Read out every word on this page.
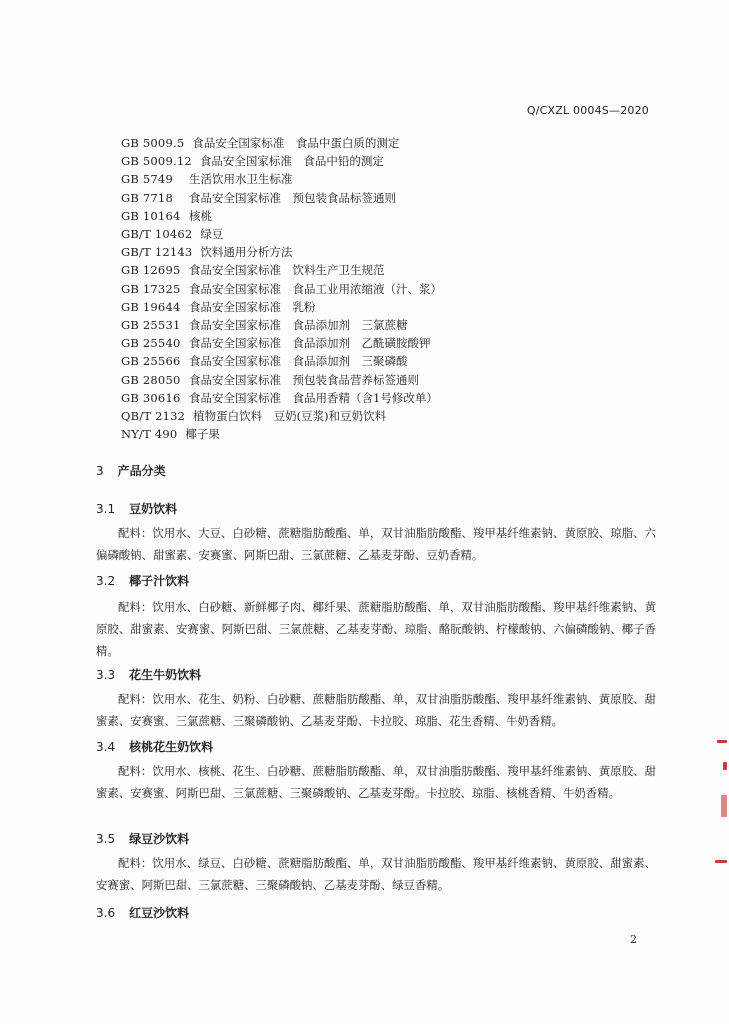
Q/CXZL 0004S—2020
GB 5009.5 食品安全国家标准　食品中蛋白质的测定
GB 5009.12 食品安全国家标准　食品中铅的测定
GB 5749	生活饮用水卫生标准
GB 7718	食品安全国家标准　预包装食品标签通则
GB 10164 核桃
GB/T 10462 绿豆
GB/T 12143 饮料通用分析方法
GB 12695 食品安全国家标准　饮料生产卫生规范
GB 17325 食品安全国家标准　食品工业用浓缩液（汁、浆）
GB 19644 食品安全国家标准　乳粉
GB 25531 食品安全国家标准　食品添加剂　三氯蔗糖
GB 25540 食品安全国家标准　食品添加剂　乙酰磺胺酸钾
GB 25566 食品安全国家标准　食品添加剂　三聚磷酸
GB 28050 食品安全国家标准　预包装食品营养标签通则
GB 30616 食品安全国家标准　食品用香精（含1号修改单）
QB/T 2132 植物蛋白饮料　豆奶(豆浆)和豆奶饮料
NY/T 490 椰子果
3 产品分类
3.1 豆奶饮料
配料：饮用水、大豆、白砂糖、蔗糖脂肪酸酯、单，双甘油脂肪酸酯、羧甲基纤维素钠、黄原胶、琼脂、六偏磷酸钠、甜蜜素、安赛蜜、阿斯巴甜、三氯蔗糖、乙基麦芽酚、豆奶香精。
3.2 椰子汁饮料
配料：饮用水、白砂糖、新鲜椰子肉、椰纤果、蔗糖脂肪酸酯、单，双甘油脂肪酸酯、羧甲基纤维素钠、黄原胶、甜蜜素、安赛蜜、阿斯巴甜、三氯蔗糖、乙基麦芽酚、琼脂、酪朊酸钠、柠檬酸钠、六偏磷酸钠、椰子香精。
3.3 花生牛奶饮料
配料：饮用水、花生、奶粉、白砂糖、蔗糖脂肪酸酯、单，双甘油脂肪酸酯、羧甲基纤维素钠、黄原胶、甜蜜素、安赛蜜、三氯蔗糖、三聚磷酸钠、乙基麦芽酚、卡拉胶、琼脂、花生香精、牛奶香精。
3.4 核桃花生奶饮料
配料：饮用水、核桃、花生、白砂糖、蔗糖脂肪酸酯、单，双甘油脂肪酸酯、羧甲基纤维素钠、黄原胶、甜蜜素、安赛蜜、阿斯巴甜、三氯蔗糖、三聚磷酸钠、乙基麦芽酚。卡拉胶、琼脂、核桃香精、牛奶香精。
3.5 绿豆沙饮料
配料：饮用水、绿豆、白砂糖、蔗糖脂肪酸酯、单，双甘油脂肪酸酯、羧甲基纤维素钠、黄原胶、甜蜜素、安赛蜜、阿斯巴甜、三氯蔗糖、三聚磷酸钠、乙基麦芽酚、绿豆香精。
3.6 红豆沙饮料
2
